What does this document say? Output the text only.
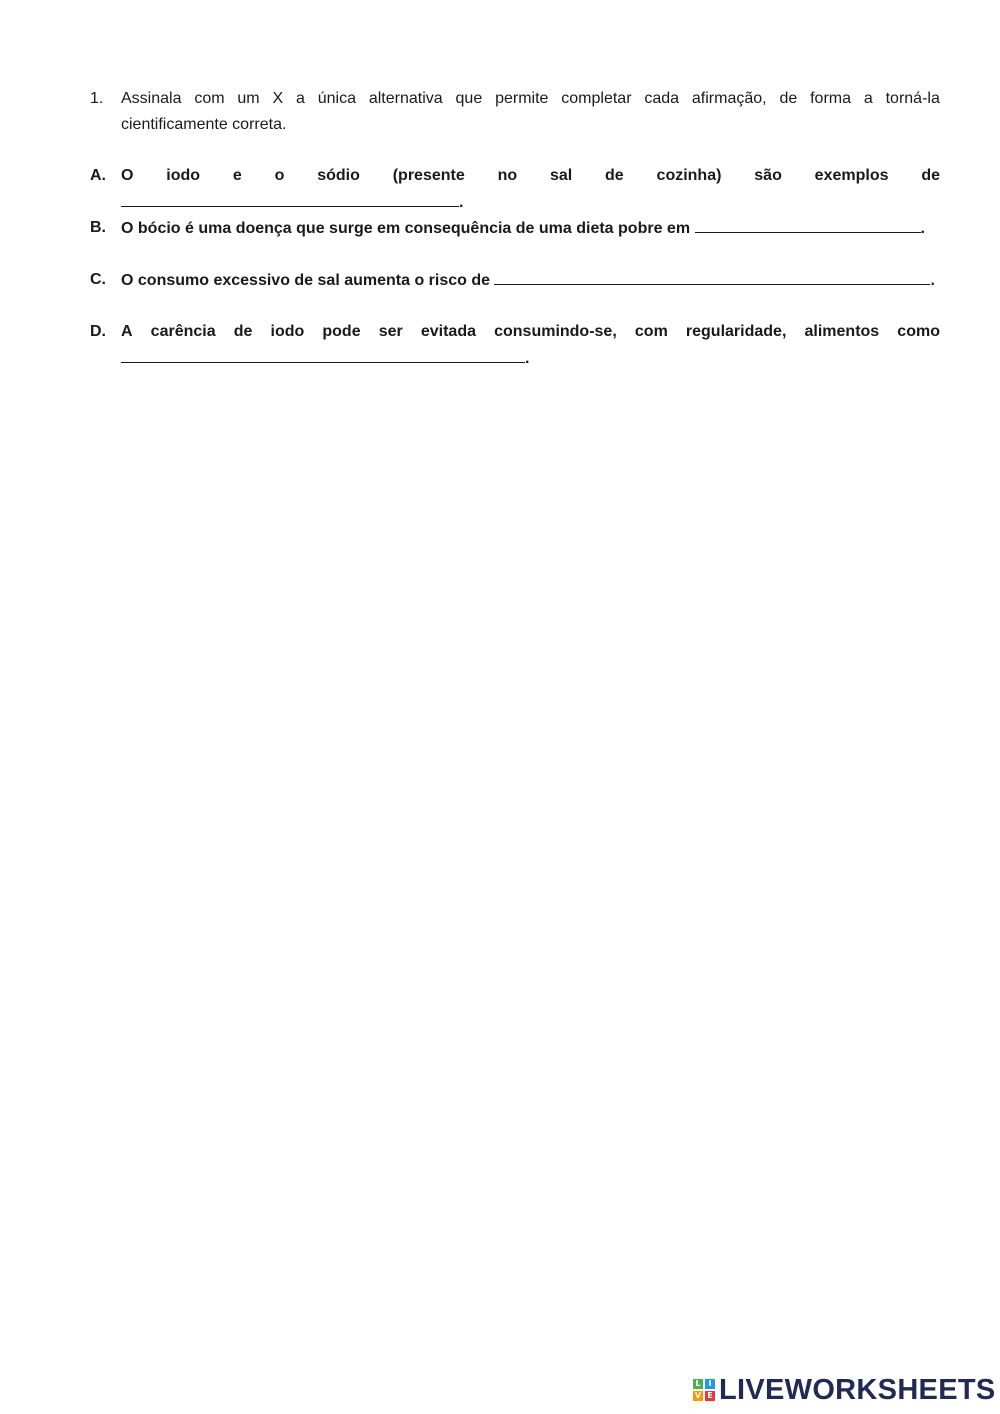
1.	Assinala com um X a única alternativa que permite completar cada afirmação, de forma a torná-la
cientificamente correta.
A. O iodo e o sódio (presente no sal de cozinha) são exemplos de .
B. O bócio é uma doença que surge em consequência de uma dieta pobre em	.
C. O consumo excessivo de sal aumenta o risco de	.
D. A carência de iodo pode ser evitada consumindo-se, com regularidade, alimentos como
.
L I
V E LIVEWORKSHEETS
